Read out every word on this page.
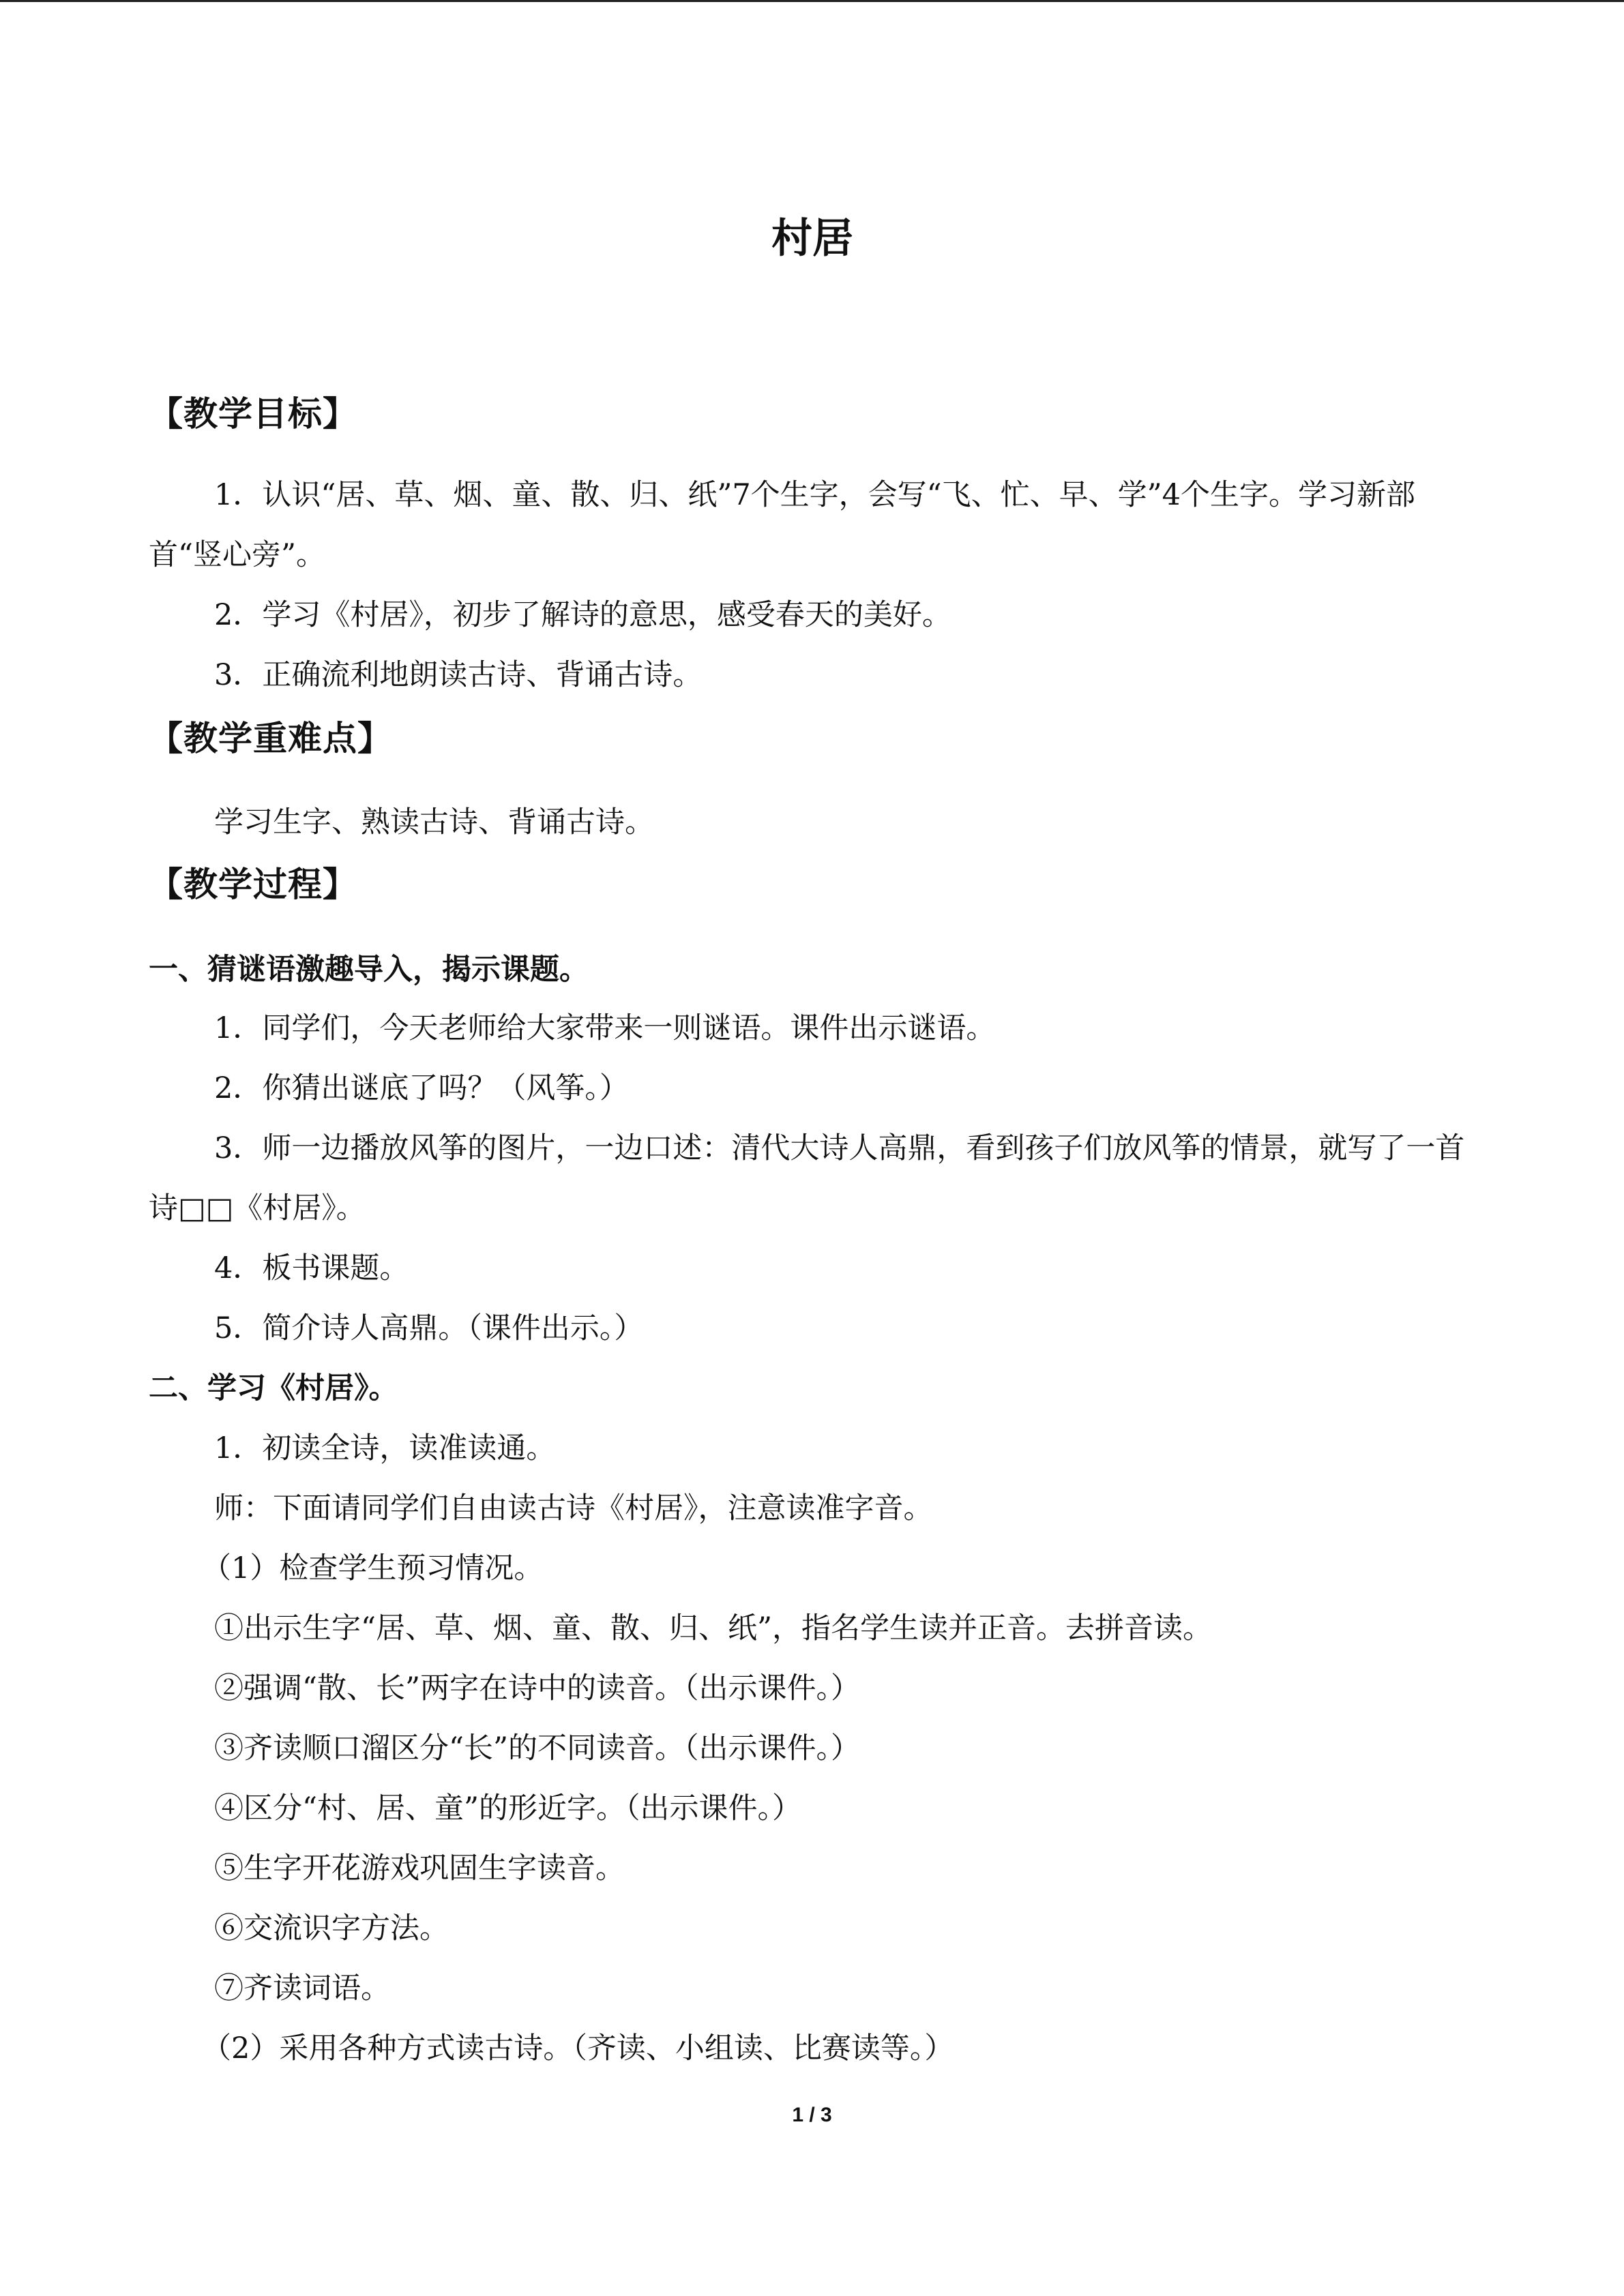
村居
【教学目标】
1．认识“居、草、烟、童、散、归、纸”7个生字，会写“飞、忙、早、学”4个生字。学习新部首“竖心旁”。
2．学习《村居》，初步了解诗的意思，感受春天的美好。
3．正确流利地朗读古诗、背诵古诗。
【教学重难点】
学习生字、熟读古诗、背诵古诗。
【教学过程】
一、猜谜语激趣导入，揭示课题。
1．同学们，今天老师给大家带来一则谜语。课件出示谜语。
2．你猜出谜底了吗？（风筝。）
3．师一边播放风筝的图片，一边口述：清代大诗人高鼎，看到孩子们放风筝的情景，就写了一首诗□□《村居》。
4．板书课题。
5．简介诗人高鼎。（课件出示。）
二、学习《村居》。
1．初读全诗，读准读通。
师：下面请同学们自由读古诗《村居》，注意读准字音。
（1）检查学生预习情况。
①出示生字“居、草、烟、童、散、归、纸”，指名学生读并正音。去拼音读。
②强调“散、长”两字在诗中的读音。（出示课件。）
③齐读顺口溜区分“长”的不同读音。（出示课件。）
④区分“村、居、童”的形近字。（出示课件。）
⑤生字开花游戏巩固生字读音。
⑥交流识字方法。
⑦齐读词语。
（2）采用各种方式读古诗。（齐读、小组读、比赛读等。）
1 / 3
